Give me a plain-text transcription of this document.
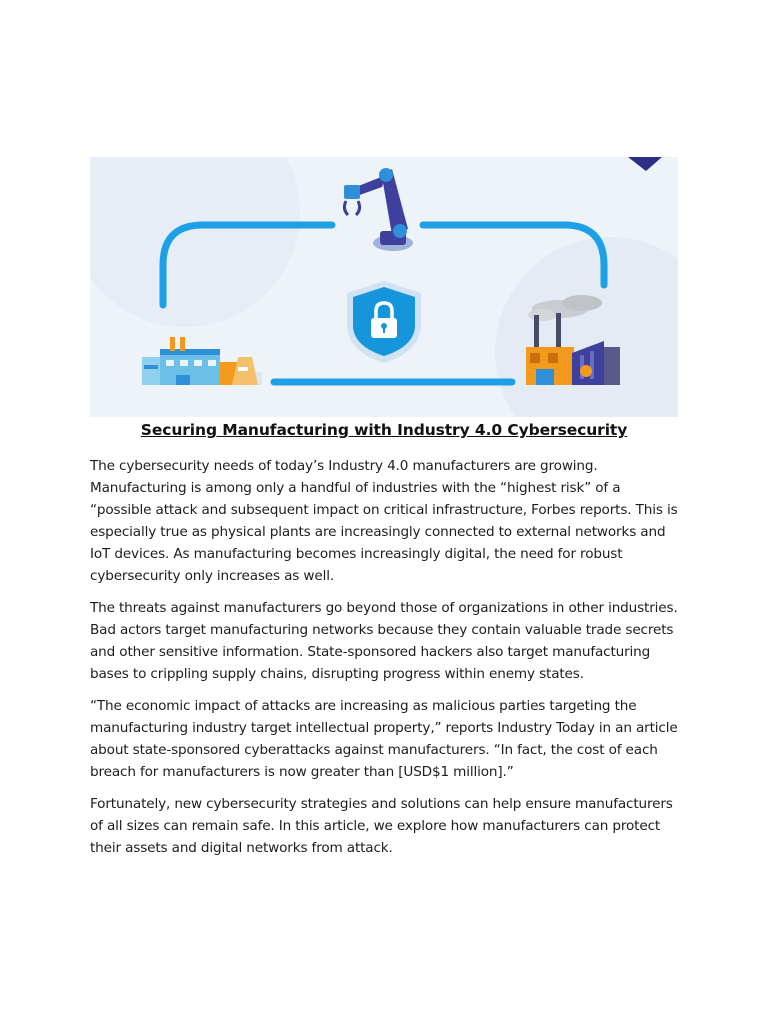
Securing Manufacturing with Industry 4.0 Cybersecurity

The cybersecurity needs of today’s Industry 4.0 manufacturers are growing. Manufacturing is among only a handful of industries with the “highest risk” of a “possible attack and subsequent impact on critical infrastructure, Forbes reports. This is especially true as physical plants are increasingly connected to external networks and IoT devices. As manufacturing becomes increasingly digital, the need for robust cybersecurity only increases as well.

The threats against manufacturers go beyond those of organizations in other industries. Bad actors target manufacturing networks because they contain valuable trade secrets and other sensitive information. State-sponsored hackers also target manufacturing bases to crippling supply chains, disrupting progress within enemy states.

“The economic impact of attacks are increasing as malicious parties targeting the manufacturing industry target intellectual property,” reports Industry Today in an article about state-sponsored cyberattacks against manufacturers. “In fact, the cost of each breach for manufacturers is now greater than [USD$1 million].”

Fortunately, new cybersecurity strategies and solutions can help ensure manufacturers of all sizes can remain safe. In this article, we explore how manufacturers can protect their assets and digital networks from attack.
